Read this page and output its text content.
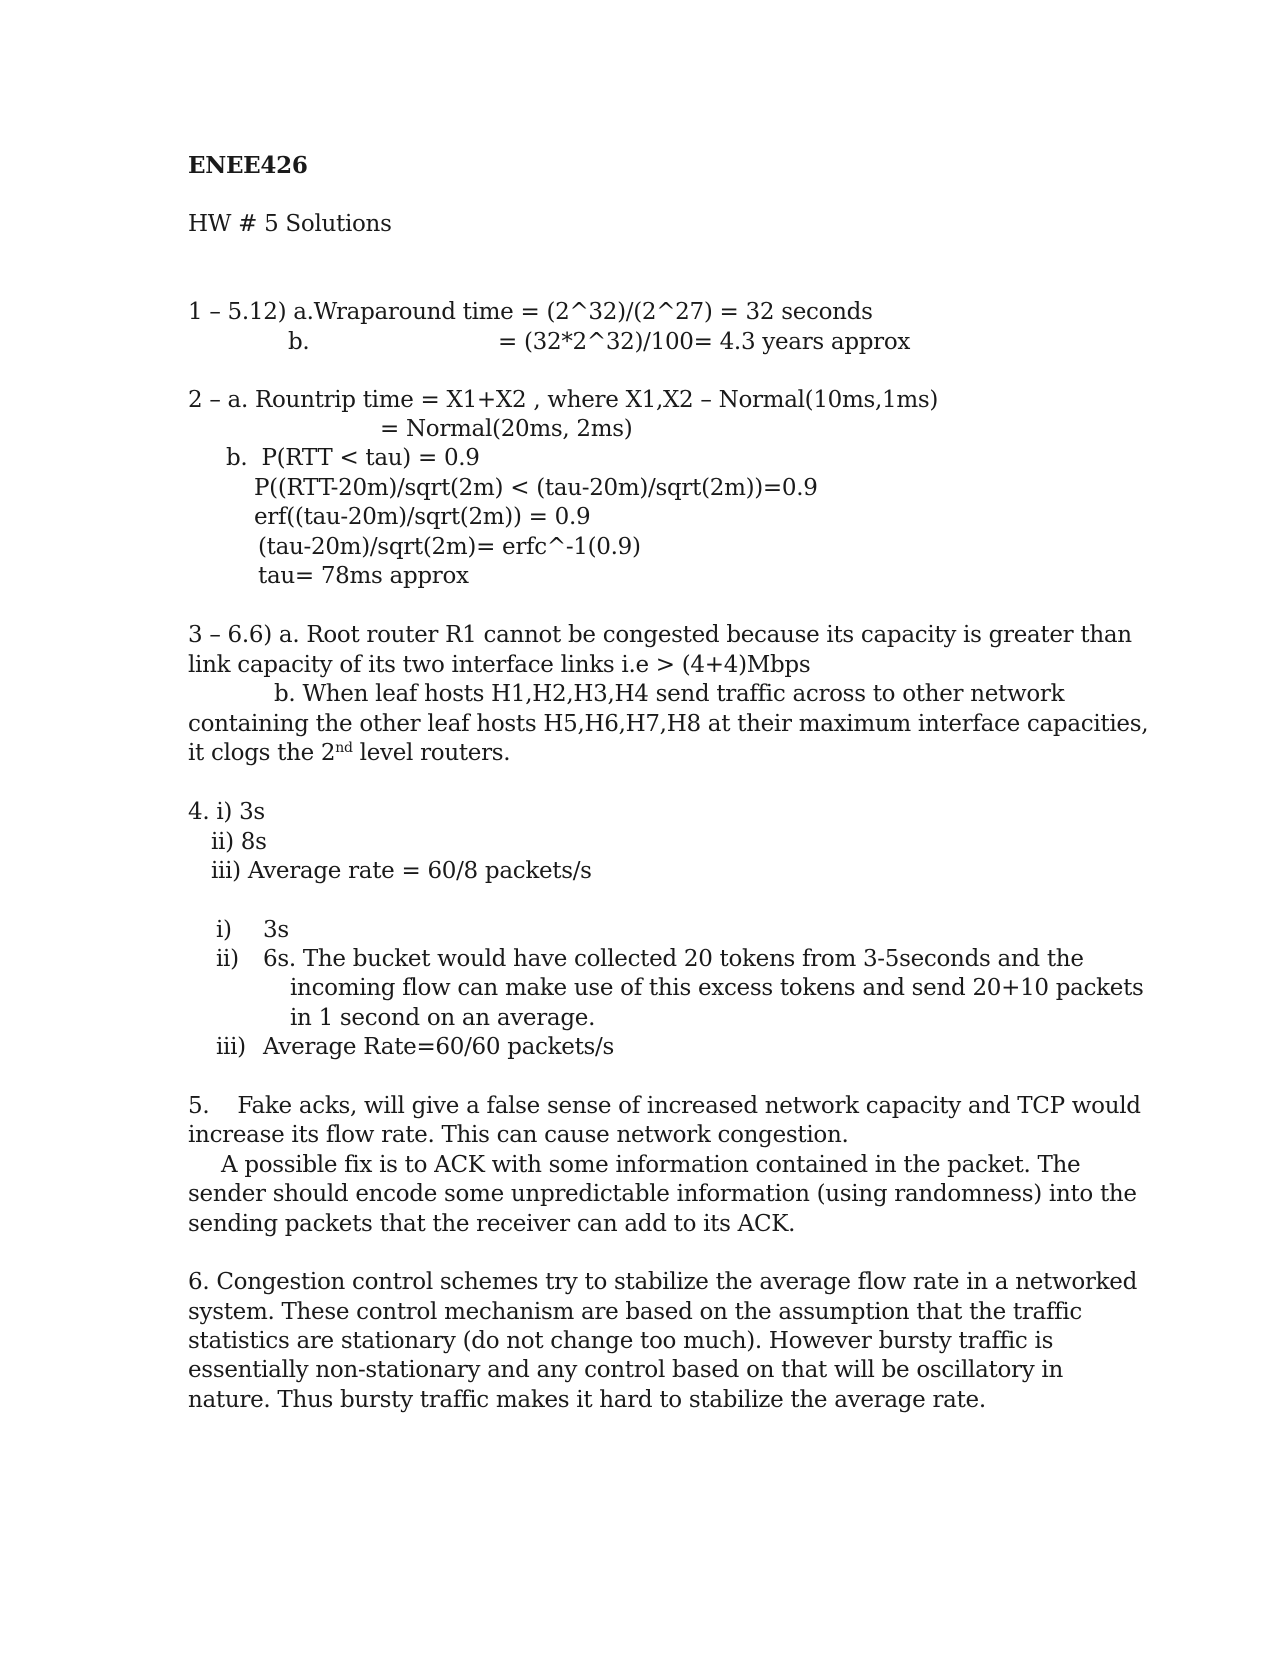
ENEE426
HW # 5 Solutions
1 – 5.12) a.Wraparound time = (2^32)/(2^27) = 32 seconds
b.	= (32*2^32)/100= 4.3 years approx
2 – a. Rountrip time = X1+X2 , where X1,X2 – Normal(10ms,1ms)
= Normal(20ms, 2ms)
b.  P(RTT < tau) = 0.9
P((RTT-20m)/sqrt(2m) < (tau-20m)/sqrt(2m))=0.9
erf((tau-20m)/sqrt(2m)) = 0.9
(tau-20m)/sqrt(2m)= erfc^-1(0.9)
tau= 78ms approx
3 – 6.6) a. Root router R1 cannot be congested because its capacity is greater than
link capacity of its two interface links i.e > (4+4)Mbps
b. When leaf hosts H1,H2,H3,H4 send traffic across to other network
containing the other leaf hosts H5,H6,H7,H8 at their maximum interface capacities,
it clogs the 2nd level routers.
4. i) 3s
ii) 8s
iii) Average rate = 60/8 packets/s
i) 3s
ii) 6s. The bucket would have collected 20 tokens from 3-5seconds and the
incoming flow can make use of this excess tokens and send 20+10 packets
in 1 second on an average.
iii) Average Rate=60/60 packets/s
5.    Fake acks, will give a false sense of increased network capacity and TCP would
increase its flow rate. This can cause network congestion.
A possible fix is to ACK with some information contained in the packet. The
sender should encode some unpredictable information (using randomness) into the
sending packets that the receiver can add to its ACK.
6. Congestion control schemes try to stabilize the average flow rate in a networked
system. These control mechanism are based on the assumption that the traffic
statistics are stationary (do not change too much). However bursty traffic is
essentially non-stationary and any control based on that will be oscillatory in
nature. Thus bursty traffic makes it hard to stabilize the average rate.
